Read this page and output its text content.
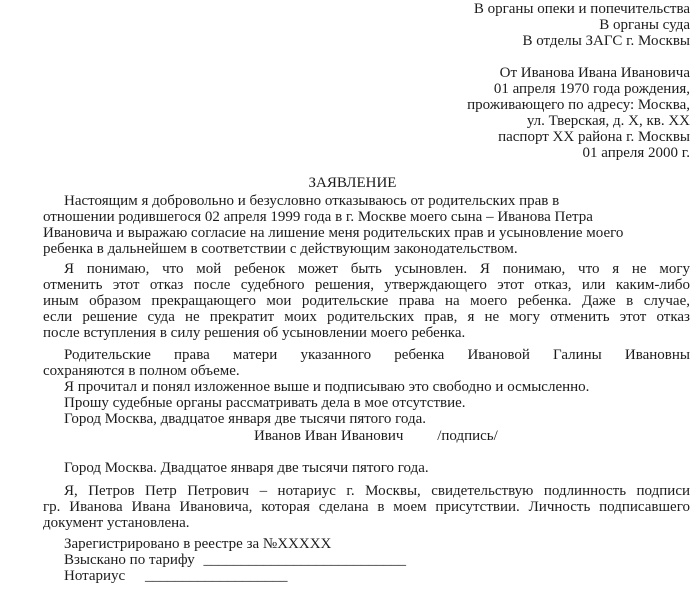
В органы опеки и попечительства
В органы суда
В отделы ЗАГС г. Москвы
От Иванова Ивана Ивановича
01 апреля 1970 года рождения,
проживающего по адресу: Москва,
ул. Тверская, д. Х, кв. ХХ
паспорт ХХ района г. Москвы
01 апреля 2000 г.
ЗАЯВЛЕНИЕ
Настоящим я добровольно и безусловно отказываюсь от родительских прав в
отношении родившегося 02 апреля 1999 года в г. Москве моего сына – Иванова Петра
Ивановича и выражаю согласие на лишение меня родительских прав и усыновление моего
ребенка в дальнейшем в соответствии с действующим законодательством.
Я понимаю, что мой ребенок может быть усыновлен. Я понимаю, что я не могу
отменить этот отказ после судебного решения, утверждающего этот отказ, или каким-либо
иным образом прекращающего мои родительские права на моего ребенка. Даже в случае,
если решение суда не прекратит моих родительских прав, я не могу отменить этот отказ
после вступления в силу решения об усыновлении моего ребенка.
Родительские права матери указанного ребенка Ивановой Галины Ивановны
сохраняются в полном объеме.
Я прочитал и понял изложенное выше и подписываю это свободно и осмысленно.
Прошу судебные органы рассматривать дела в мое отсутствие.
Город Москва, двадцатое января две тысячи пятого года.
Иванов Иван Иванович /подпись/
Город Москва. Двадцатое января две тысячи пятого года.
Я, Петров Петр Петрович – нотариус г. Москвы, свидетельствую подлинность подписи
гр. Иванова Ивана Ивановича, которая сделана в моем присутствии. Личность подписавшего
документ установлена.
Зарегистрировано в реестре за №ХХХХХ
Взыскано по тарифу ___________________________
Нотариус ___________________
